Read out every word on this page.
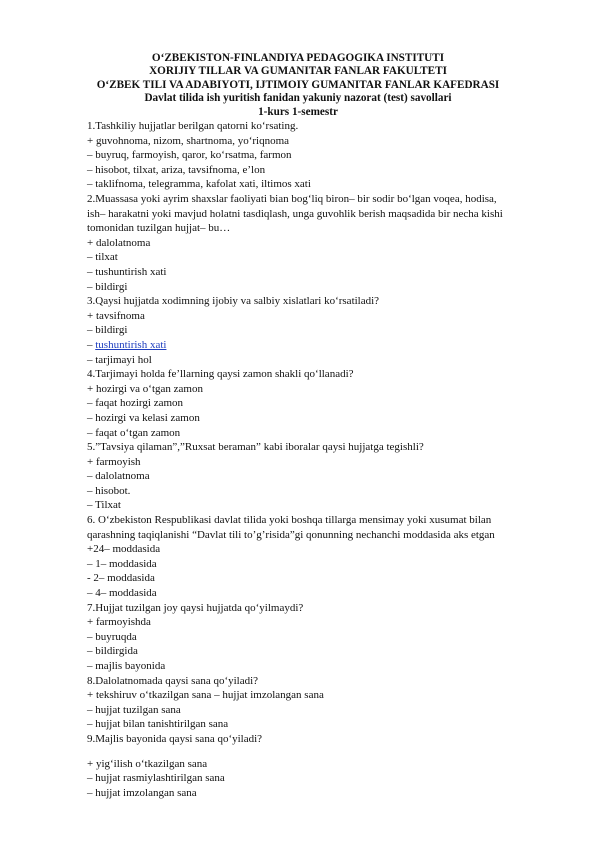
O‘ZBEKISTON-FINLANDIYA PEDAGOGIKA INSTITUTI
XORIJIY TILLAR VA GUMANITAR FANLAR FAKULTETI
O‘ZBEK TILI VA ADABIYOTI, IJTIMOIY GUMANITAR FANLAR KAFEDRASI
Davlat tilida ish yuritish fanidan yakuniy nazorat (test) savollari
1-kurs 1-semestr
1.Tashkiliy hujjatlar berilgan qatorni ko‘rsating.
+ guvohnoma, nizom, shartnoma, yo‘riqnoma
– buyruq, farmoyish, qaror, ko‘rsatma, farmon
– hisobot, tilxat, ariza, tavsifnoma, e’lon
– taklifnoma, telegramma, kafolat xati, iltimos xati
2.Muassasa yoki ayrim shaxslar faoliyati bian bog‘liq biron– bir sodir bo‘lgan voqea, hodisa,
ish– harakatni yoki mavjud holatni tasdiqlash, unga guvohlik berish maqsadida bir necha kishi
tomonidan tuzilgan hujjat– bu…
+ dalolatnoma
– tilxat
– tushuntirish xati
– bildirgi
3.Qaysi hujjatda xodimning ijobiy va salbiy xislatlari ko‘rsatiladi?
+ tavsifnoma
– bildirgi
– tushuntirish xati
– tarjimayi hol
4.Tarjimayi holda fe’llarning qaysi zamon shakli qo‘llanadi?
+ hozirgi va o‘tgan zamon
– faqat hozirgi zamon
– hozirgi va kelasi zamon
– faqat o‘tgan zamon
5.”Tavsiya qilaman”,”Ruxsat beraman” kabi iboralar qaysi hujjatga tegishli?
+ farmoyish
– dalolatnoma
– hisobot.
– Tilxat
6. O‘zbekiston Respublikasi davlat tilida yoki boshqa tillarga mensimay yoki xusumat bilan
qarashning taqiqlanishi “Davlat tili to’g’risida”gi qonunning nechanchi moddasida aks etgan
+24– moddasida
– 1– moddasida
- 2– moddasida
– 4– moddasida
7.Hujjat tuzilgan joy qaysi hujjatda qo‘yilmaydi?
+ farmoyishda
– buyruqda
– bildirgida
– majlis bayonida
8.Dalolatnomada qaysi sana qo‘yiladi?
+ tekshiruv o‘tkazilgan sana – hujjat imzolangan sana
– hujjat tuzilgan sana
– hujjat bilan tanishtirilgan sana
9.Majlis bayonida qaysi sana qo‘yiladi?
+ yig‘ilish o‘tkazilgan sana
– hujjat rasmiylashtirilgan sana
– hujjat imzolangan sana
